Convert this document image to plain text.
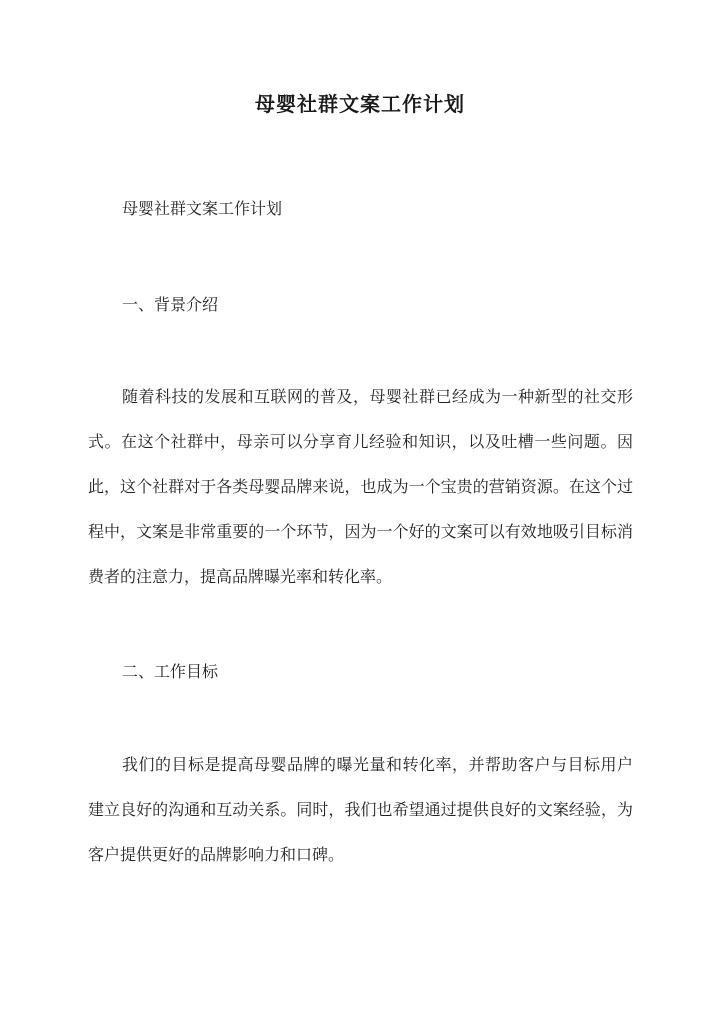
母婴社群文案工作计划
母婴社群文案工作计划
一、背景介绍
随着科技的发展和互联网的普及，母婴社群已经成为一种新型的社交形式。在这个社群中，母亲可以分享育儿经验和知识，以及吐槽一些问题。因此，这个社群对于各类母婴品牌来说，也成为一个宝贵的营销资源。在这个过程中，文案是非常重要的一个环节，因为一个好的文案可以有效地吸引目标消费者的注意力，提高品牌曝光率和转化率。
二、工作目标
我们的目标是提高母婴品牌的曝光量和转化率，并帮助客户与目标用户建立良好的沟通和互动关系。同时，我们也希望通过提供良好的文案经验，为客户提供更好的品牌影响力和口碑。
